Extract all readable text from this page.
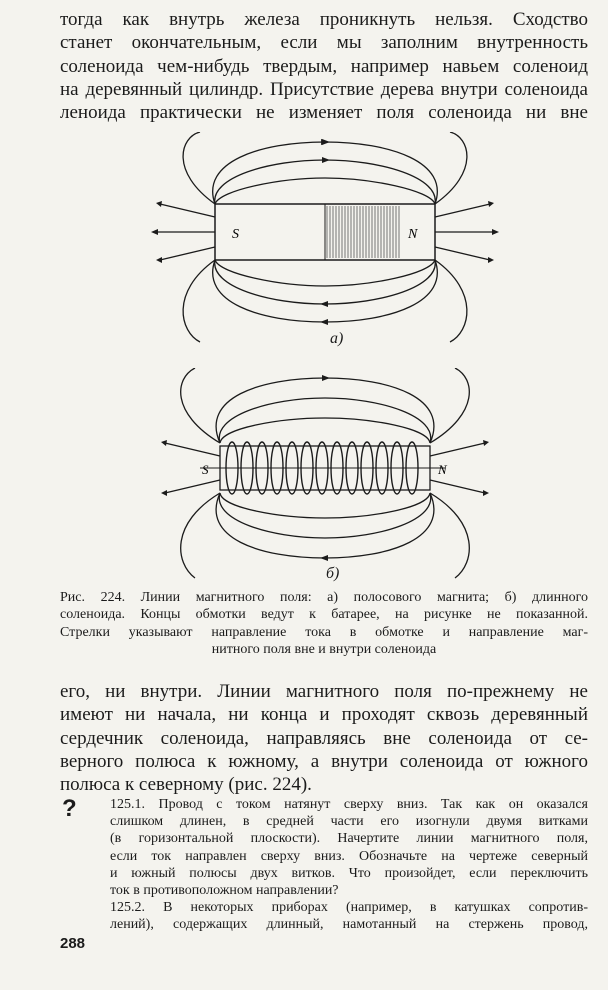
тогда как внутрь железа проникнуть нельзя. Сходство
станет окончательным, если мы заполним внутренность
соленоида чем-нибудь твердым, например навьем соленоид
на деревянный цилиндр. Присутствие дерева внутри соленоида
леноида практически не изменяет поля соленоида ни вне
S	N
а)
S	N
б)
Рис. 224. Линии магнитного поля: а) полосового магнита; б) длинного
соленоида. Концы обмотки ведут к батарее, на рисунке не показанной.
Стрелки указывают направление тока в обмотке и направление маг-
нитного поля вне и внутри соленоида
его, ни внутри. Линии магнитного поля по-прежнему не
имеют ни начала, ни конца и проходят сквозь деревянный
сердечник соленоида, направляясь вне соленоида от се-
верного полюса к южному, а внутри соленоида от южного
полюса к северному (рис. 224).
? 125.1. Провод с током натянут сверху вниз. Так как он оказался
слишком длинен, в средней части его изогнули двумя витками
(в горизонтальной плоскости). Начертите линии магнитного поля,
если ток направлен сверху вниз. Обозначьте на чертеже северный
и южный полюсы двух витков. Что произойдет, если переключить
ток в противоположном направлении?
125.2. В некоторых приборах (например, в катушках сопротив-
лений), содержащих длинный, намотанный на стержень провод,
288
